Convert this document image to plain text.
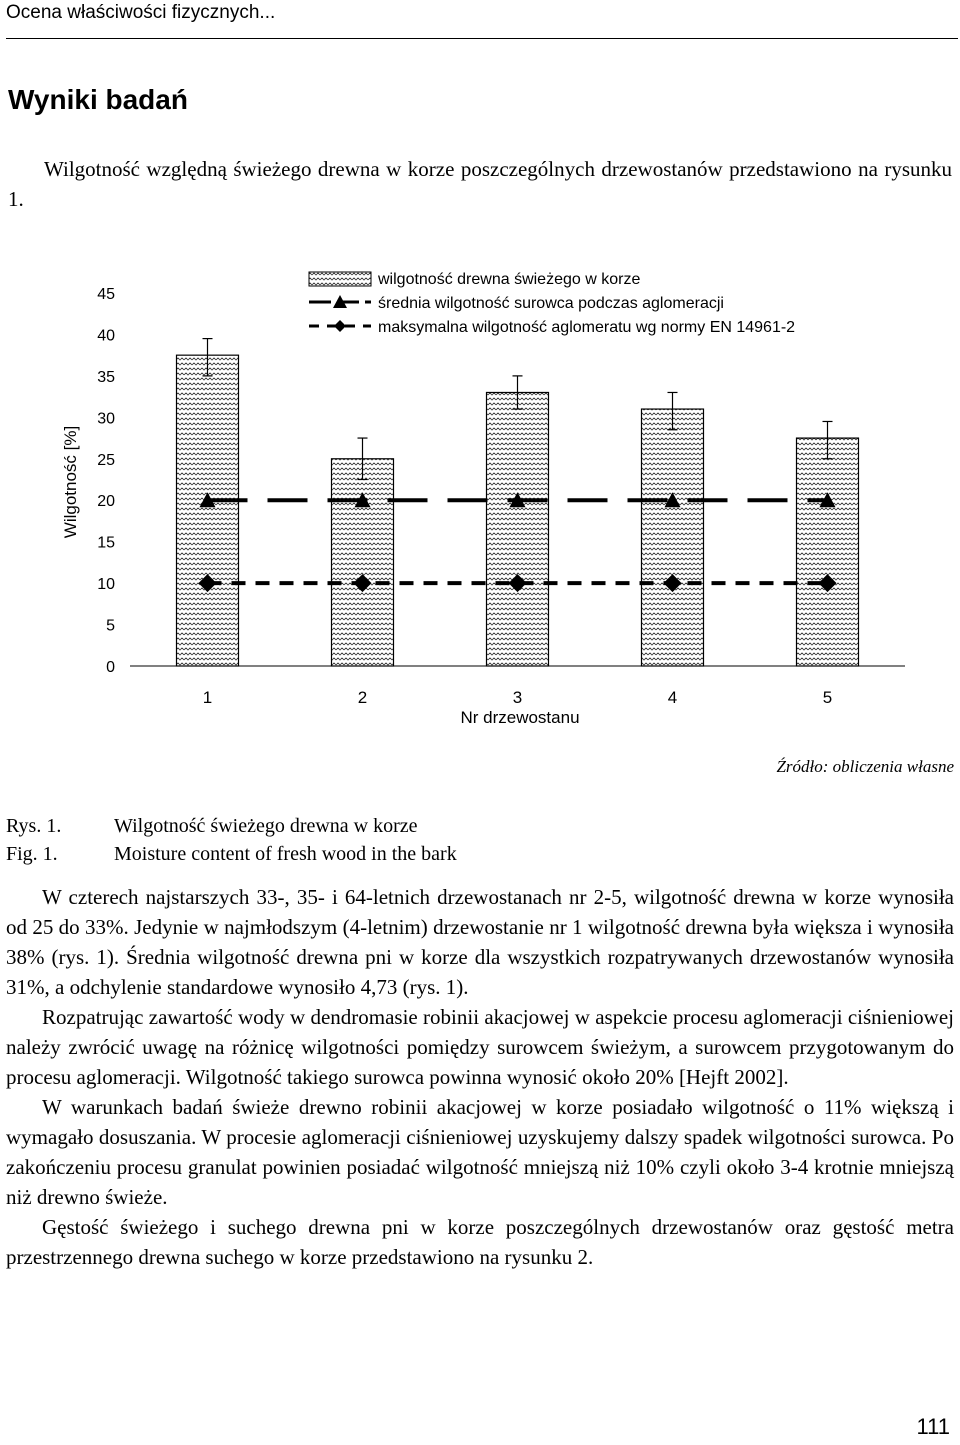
Ocena właściwości fizycznych...
Wyniki badań

Wilgotność względną świeżego drewna w korze poszczególnych drzewostanów przedstawiono na rysunku 1.

Wilgotność [%]
0
5
10
15
20
25
30
35
40
45
1	2	3	4	5
Nr drzewostanu
wilgotność drewna świeżego w korze
średnia wilgotność surowca podczas aglomeracji
maksymalna wilgotność aglomeratu wg normy EN 14961-2
Źródło: obliczenia własne
Rys. 1.	Wilgotność świeżego drewna w korze
Fig. 1.	Moisture content of fresh wood in the bark

W czterech najstarszych 33-, 35- i 64-letnich drzewostanach nr 2-5, wilgotność drewna w korze wynosiła od 25 do 33%. Jedynie w najmłodszym (4-letnim) drzewostanie nr 1 wilgotność drewna była większa i wynosiła 38% (rys. 1). Średnia wilgotność drewna pni w korze dla wszystkich rozpatrywanych drzewostanów wynosiła 31%, a odchylenie standardowe wynosiło 4,73 (rys. 1).

Rozpatrując zawartość wody w dendromasie robinii akacjowej w aspekcie procesu aglomeracji ciśnieniowej należy zwrócić uwagę na różnicę wilgotności pomiędzy surowcem świeżym, a surowcem przygotowanym do procesu aglomeracji. Wilgotność takiego surowca powinna wynosić około 20% [Hejft 2002].

W warunkach badań świeże drewno robinii akacjowej w korze posiadało wilgotność o 11% większą i wymagało dosuszania. W procesie aglomeracji ciśnieniowej uzyskujemy dalszy spadek wilgotności surowca. Po zakończeniu procesu granulat powinien posiadać wilgotność mniejszą niż 10% czyli około 3-4 krotnie mniejszą niż drewno świeże.

Gęstość świeżego i suchego drewna pni w korze poszczególnych drzewostanów oraz gęstość metra przestrzennego drewna suchego w korze przedstawiono na rysunku 2.

111
